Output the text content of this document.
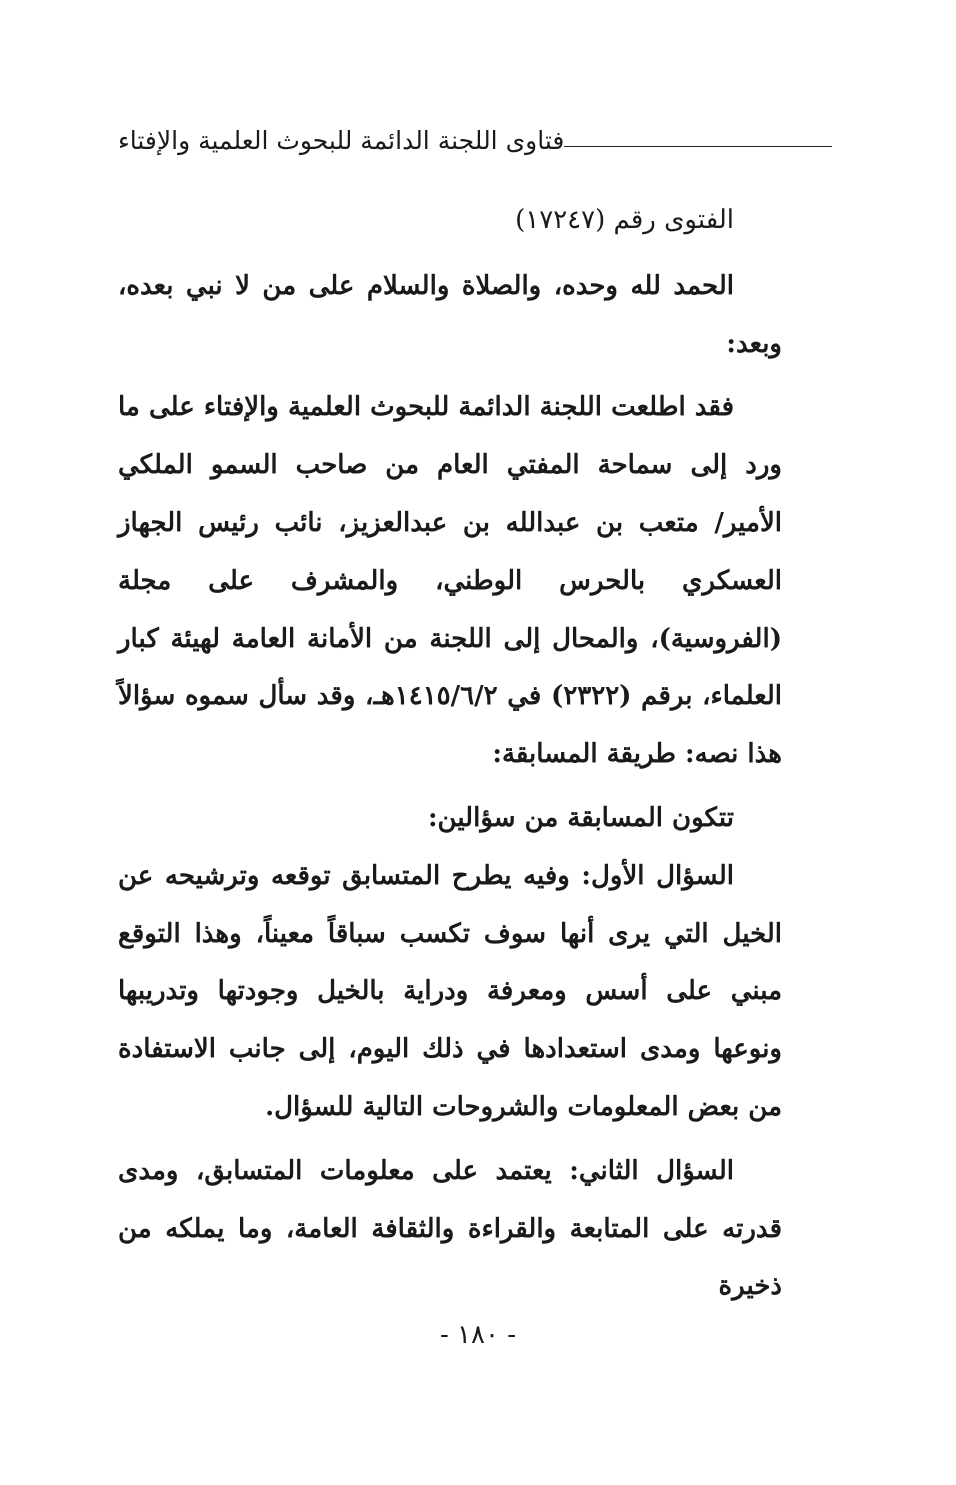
فتاوى اللجنة الدائمة للبحوث العلمية والإفتاء

الفتوى رقم (١٧٢٤٧)

الحمد لله وحده، والصلاة والسلام على من لا نبي بعده، وبعد:

فقد اطلعت اللجنة الدائمة للبحوث العلمية والإفتاء على ما ورد إلى سماحة المفتي العام من صاحب السمو الملكي الأمير/ متعب بن عبدالله بن عبدالعزيز، نائب رئيس الجهاز العسكري بالحرس الوطني، والمشرف على مجلة (الفروسية)، والمحال إلى اللجنة من الأمانة العامة لهيئة كبار العلماء، برقم (٢٣٢٢) في ١٤١٥/٦/٢هـ، وقد سأل سموه سؤالاً هذا نصه: طريقة المسابقة:

تتكون المسابقة من سؤالين:

السؤال الأول: وفيه يطرح المتسابق توقعه وترشيحه عن الخيل التي يرى أنها سوف تكسب سباقاً معيناً، وهذا التوقع مبني على أسس ومعرفة ودراية بالخيل وجودتها وتدريبها ونوعها ومدى استعدادها في ذلك اليوم، إلى جانب الاستفادة من بعض المعلومات والشروحات التالية للسؤال.

السؤال الثاني: يعتمد على معلومات المتسابق، ومدى قدرته على المتابعة والقراءة والثقافة العامة، وما يملكه من ذخيرة

- ١٨٠ -
